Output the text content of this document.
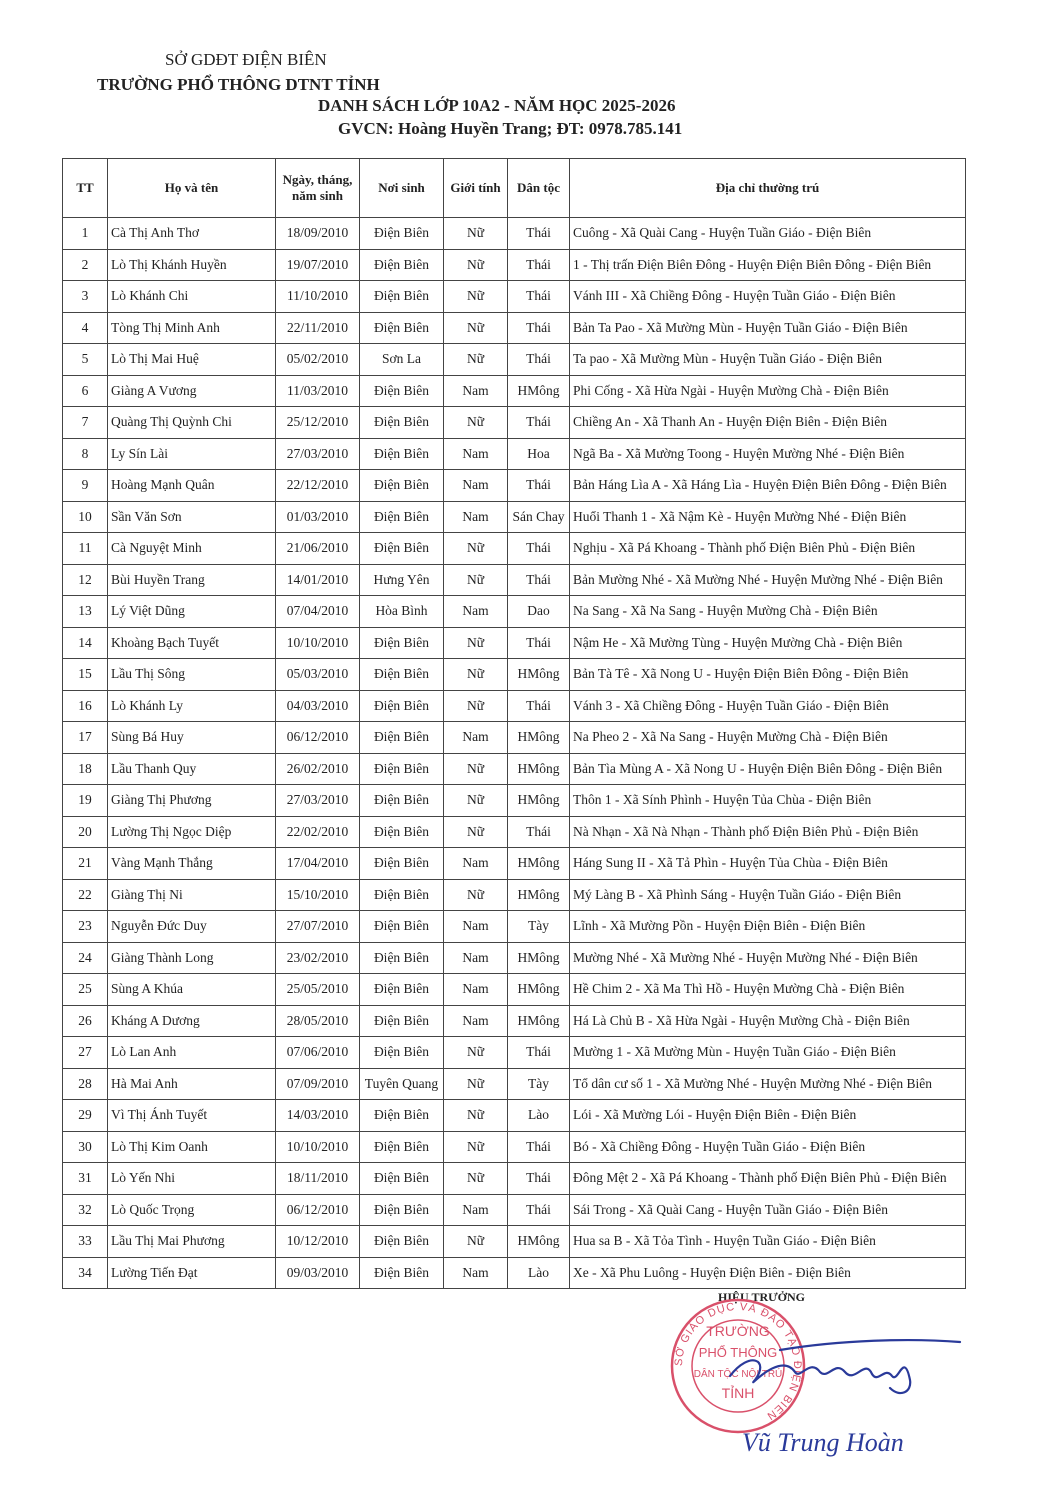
SỞ GDĐT ĐIỆN BIÊN
TRƯỜNG PHỔ THÔNG DTNT TỈNH
DANH SÁCH LỚP 10A2 - NĂM HỌC 2025-2026
GVCN: Hoàng Huyền Trang; ĐT: 0978.785.141
TT	Họ và tên	Ngày, tháng, năm sinh	Nơi sinh	Giới tính	Dân tộc	Địa chỉ thường trú
1	Cà Thị Anh Thơ	18/09/2010	Điện Biên	Nữ	Thái	Cuông - Xã Quài Cang - Huyện Tuần Giáo - Điện Biên
2	Lò Thị Khánh Huyền	19/07/2010	Điện Biên	Nữ	Thái	1 - Thị trấn Điện Biên Đông - Huyện Điện Biên Đông - Điện Biên
3	Lò Khánh Chi	11/10/2010	Điện Biên	Nữ	Thái	Vánh III - Xã Chiềng Đông - Huyện Tuần Giáo - Điện Biên
4	Tòng Thị Minh Anh	22/11/2010	Điện Biên	Nữ	Thái	Bản Ta Pao - Xã Mường Mùn - Huyện Tuần Giáo - Điện Biên
5	Lò Thị Mai Huệ	05/02/2010	Sơn La	Nữ	Thái	Ta pao - Xã Mường Mùn - Huyện Tuần Giáo - Điện Biên
6	Giàng A Vương	11/03/2010	Điện Biên	Nam	HMông	Phi Cống - Xã Hừa Ngài - Huyện Mường Chà - Điện Biên
7	Quàng Thị Quỳnh Chi	25/12/2010	Điện Biên	Nữ	Thái	Chiềng An - Xã Thanh An - Huyện Điện Biên - Điện Biên
8	Ly Sín Lài	27/03/2010	Điện Biên	Nam	Hoa	Ngã Ba - Xã Mường Toong - Huyện Mường Nhé - Điện Biên
9	Hoàng Mạnh Quân	22/12/2010	Điện Biên	Nam	Thái	Bản Háng Lìa A - Xã Háng Lìa - Huyện Điện Biên Đông - Điện Biên
10	Sần Văn Sơn	01/03/2010	Điện Biên	Nam	Sán Chay	Huổi Thanh 1 - Xã Nậm Kè - Huyện Mường Nhé - Điện Biên
11	Cà Nguyệt Minh	21/06/2010	Điện Biên	Nữ	Thái	Nghịu - Xã Pá Khoang - Thành phố Điện Biên Phủ - Điện Biên
12	Bùi Huyền Trang	14/01/2010	Hưng Yên	Nữ	Thái	Bản Mường Nhé - Xã Mường Nhé - Huyện Mường Nhé - Điện Biên
13	Lý Việt Dũng	07/04/2010	Hòa Bình	Nam	Dao	Na Sang - Xã Na Sang - Huyện Mường Chà - Điện Biên
14	Khoàng Bạch Tuyết	10/10/2010	Điện Biên	Nữ	Thái	Nậm He - Xã Mường Tùng - Huyện Mường Chà - Điện Biên
15	Lầu Thị Sông	05/03/2010	Điện Biên	Nữ	HMông	Bản Tà Tê - Xã Nong U - Huyện Điện Biên Đông - Điện Biên
16	Lò Khánh Ly	04/03/2010	Điện Biên	Nữ	Thái	Vánh 3 - Xã Chiềng Đông - Huyện Tuần Giáo - Điện Biên
17	Sùng Bá Huy	06/12/2010	Điện Biên	Nam	HMông	Na Pheo 2 - Xã Na Sang - Huyện Mường Chà - Điện Biên
18	Lầu Thanh Quy	26/02/2010	Điện Biên	Nữ	HMông	Bản Tìa Mùng A - Xã Nong U - Huyện Điện Biên Đông - Điện Biên
19	Giàng Thị Phương	27/03/2010	Điện Biên	Nữ	HMông	Thôn 1 - Xã Sính Phình - Huyện Tủa Chùa - Điện Biên
20	Lường Thị Ngọc Diệp	22/02/2010	Điện Biên	Nữ	Thái	Nà Nhạn - Xã Nà Nhạn - Thành phố Điện Biên Phủ - Điện Biên
21	Vàng Mạnh Thắng	17/04/2010	Điện Biên	Nam	HMông	Háng Sung II - Xã Tả Phìn - Huyện Tủa Chùa - Điện Biên
22	Giàng Thị Ni	15/10/2010	Điện Biên	Nữ	HMông	Mý Làng B - Xã Phình Sáng - Huyện Tuần Giáo - Điện Biên
23	Nguyễn Đức Duy	27/07/2010	Điện Biên	Nam	Tày	Lĩnh - Xã Mường Pồn - Huyện Điện Biên - Điện Biên
24	Giàng Thành Long	23/02/2010	Điện Biên	Nam	HMông	Mường Nhé - Xã Mường Nhé - Huyện Mường Nhé - Điện Biên
25	Sùng A Khúa	25/05/2010	Điện Biên	Nam	HMông	Hề Chim 2 - Xã Ma Thì Hồ - Huyện Mường Chà - Điện Biên
26	Kháng A Dương	28/05/2010	Điện Biên	Nam	HMông	Há Là Chủ B - Xã Hừa Ngài - Huyện Mường Chà - Điện Biên
27	Lò Lan Anh	07/06/2010	Điện Biên	Nữ	Thái	Mường 1 - Xã Mường Mùn - Huyện Tuần Giáo - Điện Biên
28	Hà Mai Anh	07/09/2010	Tuyên Quang	Nữ	Tày	Tổ dân cư số 1 - Xã Mường Nhé - Huyện Mường Nhé - Điện Biên
29	Vì Thị Ánh Tuyết	14/03/2010	Điện Biên	Nữ	Lào	Lói - Xã Mường Lói - Huyện Điện Biên - Điện Biên
30	Lò Thị Kim Oanh	10/10/2010	Điện Biên	Nữ	Thái	Bó - Xã Chiềng Đông - Huyện Tuần Giáo - Điện Biên
31	Lò Yến Nhi	18/11/2010	Điện Biên	Nữ	Thái	Đông Mệt 2 - Xã Pá Khoang - Thành phố Điện Biên Phủ - Điện Biên
32	Lò Quốc Trọng	06/12/2010	Điện Biên	Nam	Thái	Sái Trong - Xã Quài Cang - Huyện Tuần Giáo - Điện Biên
33	Lầu Thị Mai Phương	10/12/2010	Điện Biên	Nữ	HMông	Hua sa B - Xã Tỏa Tình - Huyện Tuần Giáo - Điện Biên
34	Lường Tiến Đạt	09/03/2010	Điện Biên	Nam	Lào	Xe - Xã Phu Luông - Huyện Điện Biên - Điện Biên
HIỆU TRƯỞNG
SỞ GIÁO DỤC VÀ ĐÀO TẠO ĐIỆN BIÊN
TRƯỜNG
PHỔ THÔNG
DÂN TỘC NỘI TRÚ
TỈNH
Vũ Trung Hoàn
